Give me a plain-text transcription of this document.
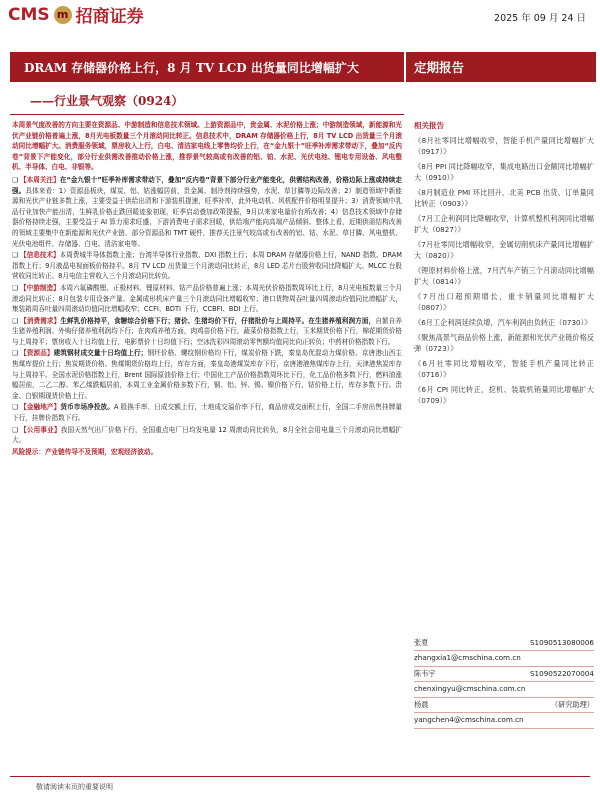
CMS m 招商证券	2025 年 09 月 24 日
DRAM 存储器价格上行，8 月 TV LCD 出货量同比增幅扩大	定期报告
——行业景气观察（0924）
本周景气度改善的方向主要在资源品、中游制造和信息技术领域。上游资源品中，贵金属、水泥价格上涨；中游制造领域，新能源和光伏产业链价格普遍上涨，8月光电板数量三个月滚动同比转正。信息技术中，DRAM 存储器价格上行，8月 TV LCD 出货量三个月滚动同比增幅扩大。消费服务领域，票房收入上行，白电、清洁家电线上零售均价上行，在“金九银十”旺季补库需求带动下，叠加“反内卷”背景下产能变化，部分行业供需改善推动价格上涨，推荐景气较高或有改善的铝、铂、水泥、光伏电池、锂电专用设备、风电整机、半导体、白电、非银等。
❑ 【本周关注】在“金九银十”旺季补库需求带动下，叠加“反内卷”背景下部分行业产能变化，供需结构改善，价格边际上涨或持续走强。具体来看：1）资源品板块，煤炭、铝、钴涨幅居前，贵金属、制冷剂持续强势，水泥、草甘膦等边际改善；2）制造领域中新能源和光伏产业链多数上涨，主要受益于供给出清和下游装机提速，旺季补库，此外电动机、风机配件价格明显提升；3）消费领域中乳品行业加快产能出清，生鲜乳价格止跌回暖迹象初现，旺季启动叠加政策提振，9月以来家电量价有所改善；4）信息技术领域中存储器价格持续走强，主要受益于 AI 算力需求旺盛，下游消费电子需求回暖，供给端产能向高端产品倾斜。整体上看，近期供需结构改善的领域主要集中在新能源和光伏产业链、部分资源品和 TMT 硬件，推荐关注景气较高或有改善的铝、钴、水泥、草甘膦、风电整机、光伏电池组件、存储器、白电、清洁家电等。
❑ 【信息技术】本周费城半导体指数上涨；台湾半导体行业指数、DXI 指数上行；本周 DRAM 存储器价格上行，NAND 指数、DRAM 指数上行；9月液晶电视面板价格持平。8月 TV LCD 出货量三个月滚动同比转正，8月 LED 芯片台股营收同比降幅扩大。MLCC 台股营收同比转正。8月电信主营收入三个月滚动同比转负。
❑ 【中游制造】本周六氟磷酸锂、正极材料、锂原材料、钴产品价格普遍上涨；本周光伏价格指数周环比上行，8月光电板数量三个月滚动同比转正；8月包装专用设备产量、金属成形机床产量三个月滚动同比增幅收窄；港口货物周吞吐量四周滚动均值同比增幅扩大，集装箱周吞吐量四周滚动均值同比增幅收窄；CCFI、BDTI 下行，CCBFI、BDI 上行。
❑ 【消费需求】生鲜乳价格持平，食糖综合价格下行；猪价、生猪均价下行，仔猪批价与上周持平。在生猪养殖利润方面，自繁自养生猪养殖利润、外购仔猪养殖利润均下行；在肉鸡养殖方面，肉鸡苗价格下行，蔬菜价格指数上行，玉米期货价格下行，棉花期货价格与上周持平；票房收入十日均值上行，电影票价十日均值下行；空冰洗彩四周滚动零售额均值同比向正转负；中药材价格指数下行。
❑ 【资源品】建筑钢材成交量十日均值上行；钢坯价格、螺纹钢价格均下行，煤炭价格下跌，秦皇岛优混动力煤价格、京唐港山西主焦煤库提价上行；焦炭期货价格、焦煤期货价格均上行，库存方面，秦皇岛港煤炭库存下行，京唐港港焦煤库存上行，天津港焦炭库存与上周持平。全国水泥价格指数上行，Brent 国际原油价格上行；中国化工产品价格指数周环比下行，化工品价格多数下行，燃料油涨幅居前，二乙二醇、苯乙烯跌幅居前，本周工业金属价格多数下行，铜、铝、锌、锡、镍价格下行，钴价格上行，库存多数下行。贵金、白银期现货价格上行。
❑ 【金融地产】货币市场净投放。A 股换手率、日成交额上行，土地成交溢价率下行，商品房成交面积上行，全国二手房出售挂牌量下行，挂牌价指数下行。
❑ 【公用事业】我国天然气出厂价格下行，全国重点电厂日均发电量 12 周滚动同比转负，8月全社会用电量三个月滚动同比增幅扩大。
风险提示：产业链传导不及预期，宏观经济波动。
相关报告
《8月社零同比增幅收窄，智能手机产量同比增幅扩大（0917）》
《8月 PPI 同比降幅收窄，集成电路出口金额同比增幅扩大（0910）》
《8月制造业 PMI 环比回升，北美 PCB 出货、订单量同比转正（0903）》
《7月工企利润同比降幅收窄，计算机整机利润同比增幅扩大（0827）》
《7月社零同比增幅收窄，金属切削机床产量同比增幅扩大（0820）》
《锂原材料价格上涨，7月汽车产销三个月滚动同比增幅扩大（0814）》
《7月出口超预期增长，重卡销量同比增幅扩大（0807）》
《6月工企利润延续负增，汽车利润由负转正（0730）》
《聚焦高景气商品价格上涨，新能源和光伏产业链价格反弹（0723）》
《6月社零同比增幅收窄，智能手机产量同比转正（0716）》
《6月 CPI 同比转正，挖机、装载机销量同比增幅扩大（0709）》
张夏	S1090513080006
zhangxia1@cmschina.com.cn
陈韦宇	S1090522070004
chenxingyu@cmschina.com.cn
杨晨	（研究助理）
yangchen4@cmschina.com.cn
敬请阅读末页的重要说明
